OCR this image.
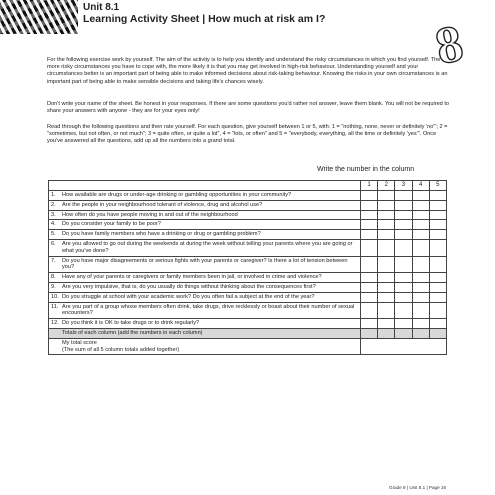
Unit 8.1
Learning Activity Sheet | How much at risk am I? 8

For the following exercise work by yourself. The aim of the activity is to help you identify and understand the risky circumstances in which you find yourself. The more risky circumstances you have to cope with, the more likely it is that you may get involved in high-risk behaviour. Understanding yourself and your circumstances better is an important part of being able to make informed decisions about risk-taking behaviour. Knowing the risks in your own circumstances is an important part of being able to make sensible decisions and taking life's chances wisely.

Don't write your name of the sheet. Be honest in your responses. If there are some questions you'd rather not answer, leave them blank. You will not be required to share your answers with anyone - they are for your eyes only!

Read through the following questions and then rate yourself. For each question, give yourself between 1 or 5, with: 1 = "nothing, none, never or definitely 'no'"; 2 = "sometimes, but not often, or not much"; 3 = quite often, or quite a lot", 4 = "lots, or often" and 5 = "everybody, everything, all the time or definitely 'yes'". Once you've answered all the questions, add up all the numbers into a grand total.

Write the number in the column
	1	2	3	4	5

1. How available are drugs or under-age drinking or gambling opportunities in your community?					

2. Are the people in your neighbourhood tolerant of violence, drug and alcohol use?					

3. How often do you have people moving in and out of the neighbourhood					

4. Do you consider your family to be poor?					

5. Do you have family members who have a drinking or drug or gambling problem?					

6. Are you allowed to go out during the weekends at during the week without telling your parents where you are going or what you've done?					

7. Do you have major disagreements or serious fights with your parents or caregiver? Is there a lot of tension between you?					

8. Have any of your parents or caregivers or family members been in jail, or involved in crime and violence?					

9. Are you very impulsive, that is, do you usually do things without thinking about the consequences first?					

10. Do you struggle at school with your academic work? Do you often fail a subject at the end of the year?					

11. Are you part of a group whose members often drink, take drugs, drive recklessly or boast about their number of sexual encounters?					

12. Do you think it is OK to take drugs or to drink regularly?					

Totals of each column (add the numbers in each column)					

My total score
(The sum of all 5 column totals added together)					

Grade 8 | Unit 8.1 | Page 16
